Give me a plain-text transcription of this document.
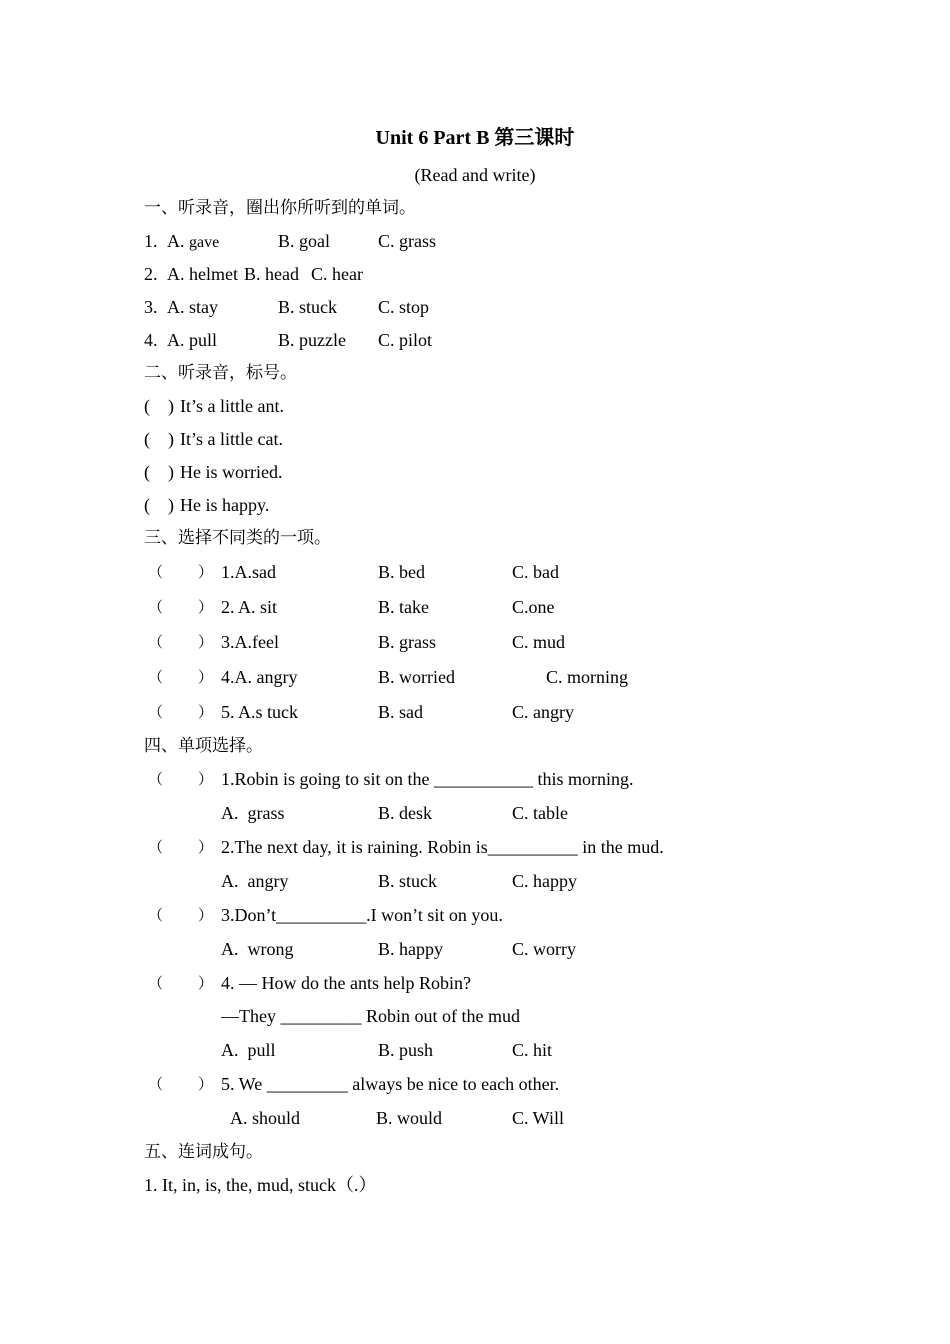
Unit 6 Part B 第三课时
(Read and write)
一、听录音，圈出你所听到的单词。
1. A. gave	B. goal	C. grass
2. A. helmet B. head C. hear
3. A. stay	B. stuck C. stop
4. A. pull	B. puzzle C. pilot
二、听录音，标号。
(    ) It’s a little ant.
(    ) It’s a little cat.
(    ) He is worried.
(    ) He is happy.
三、选择不同类的一项。
（ ） 1.A.sad	B. bed	C. bad
（ ） 2. A. sit	B. take	C.one
（ ） 3.A.feel	B. grass	C. mud
（ ） 4.A. angry	B. worried	C. morning
（ ） 5. A.s tuck	B. sad	C. angry
四、单项选择。
（ ） 1.Robin is going to sit on the ___________ this morning.
A.  grass	B. desk	C. table
（ ） 2.The next day, it is raining. Robin is__________ in the mud.
A.  angry	B. stuck	C. happy
（ ） 3.Don’t__________.I won’t sit on you.
A.  wrong	B. happy	C. worry
（ ） 4. — How do the ants help Robin?
—They _________ Robin out of the mud
A.  pull	B. push	C. hit
（ ） 5. We _________ always be nice to each other.
A. should	B. would	C. Will
五、连词成句。
1. It, in, is, the, mud, stuck（.）
